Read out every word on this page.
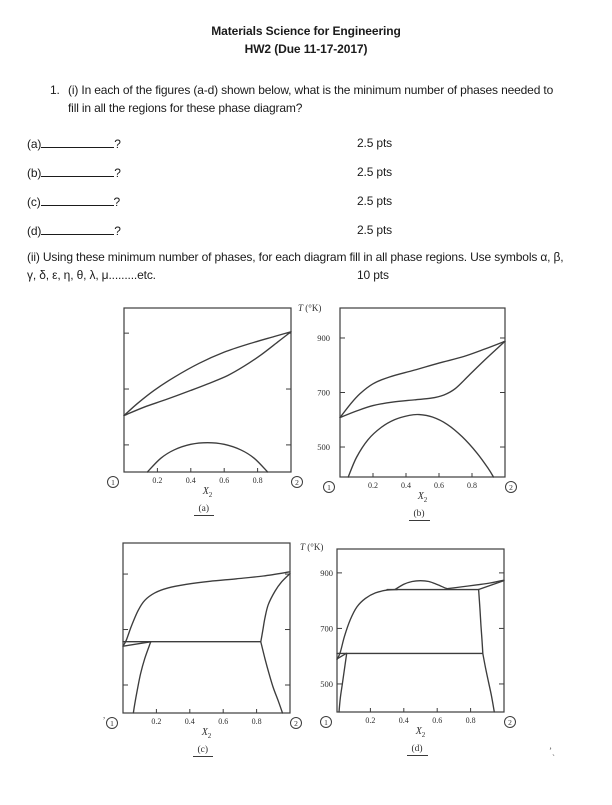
Materials Science for Engineering
HW2 (Due 11-17-2017)
1. (i) In each of the figures (a-d) shown below, what is the minimum number of phases needed to
fill in all the regions for these phase diagram?
(a)	?	2.5 pts
(b)	?	2.5 pts
(c)	?	2.5 pts
(d)	?	2.5 pts
(ii) Using these minimum number of phases, for each diagram fill in all phase regions. Use symbols α, β,
γ, δ, ε, η, θ, λ, μ.........etc.	10 pts
0.2	0.4	0.6	0.8
1	2
$X_2$
(a)
500
700
900
0.2	0.4	0.6	0.8
1	2
T (°K)
$X_2$
(b)
0.2	0.4	0.6	0.8
1	2
$X_2$
(c)
500
700
900
0.2	0.4	0.6	0.8
1	2
T (°K)
$X_2$
(d)
,
’ˎ
